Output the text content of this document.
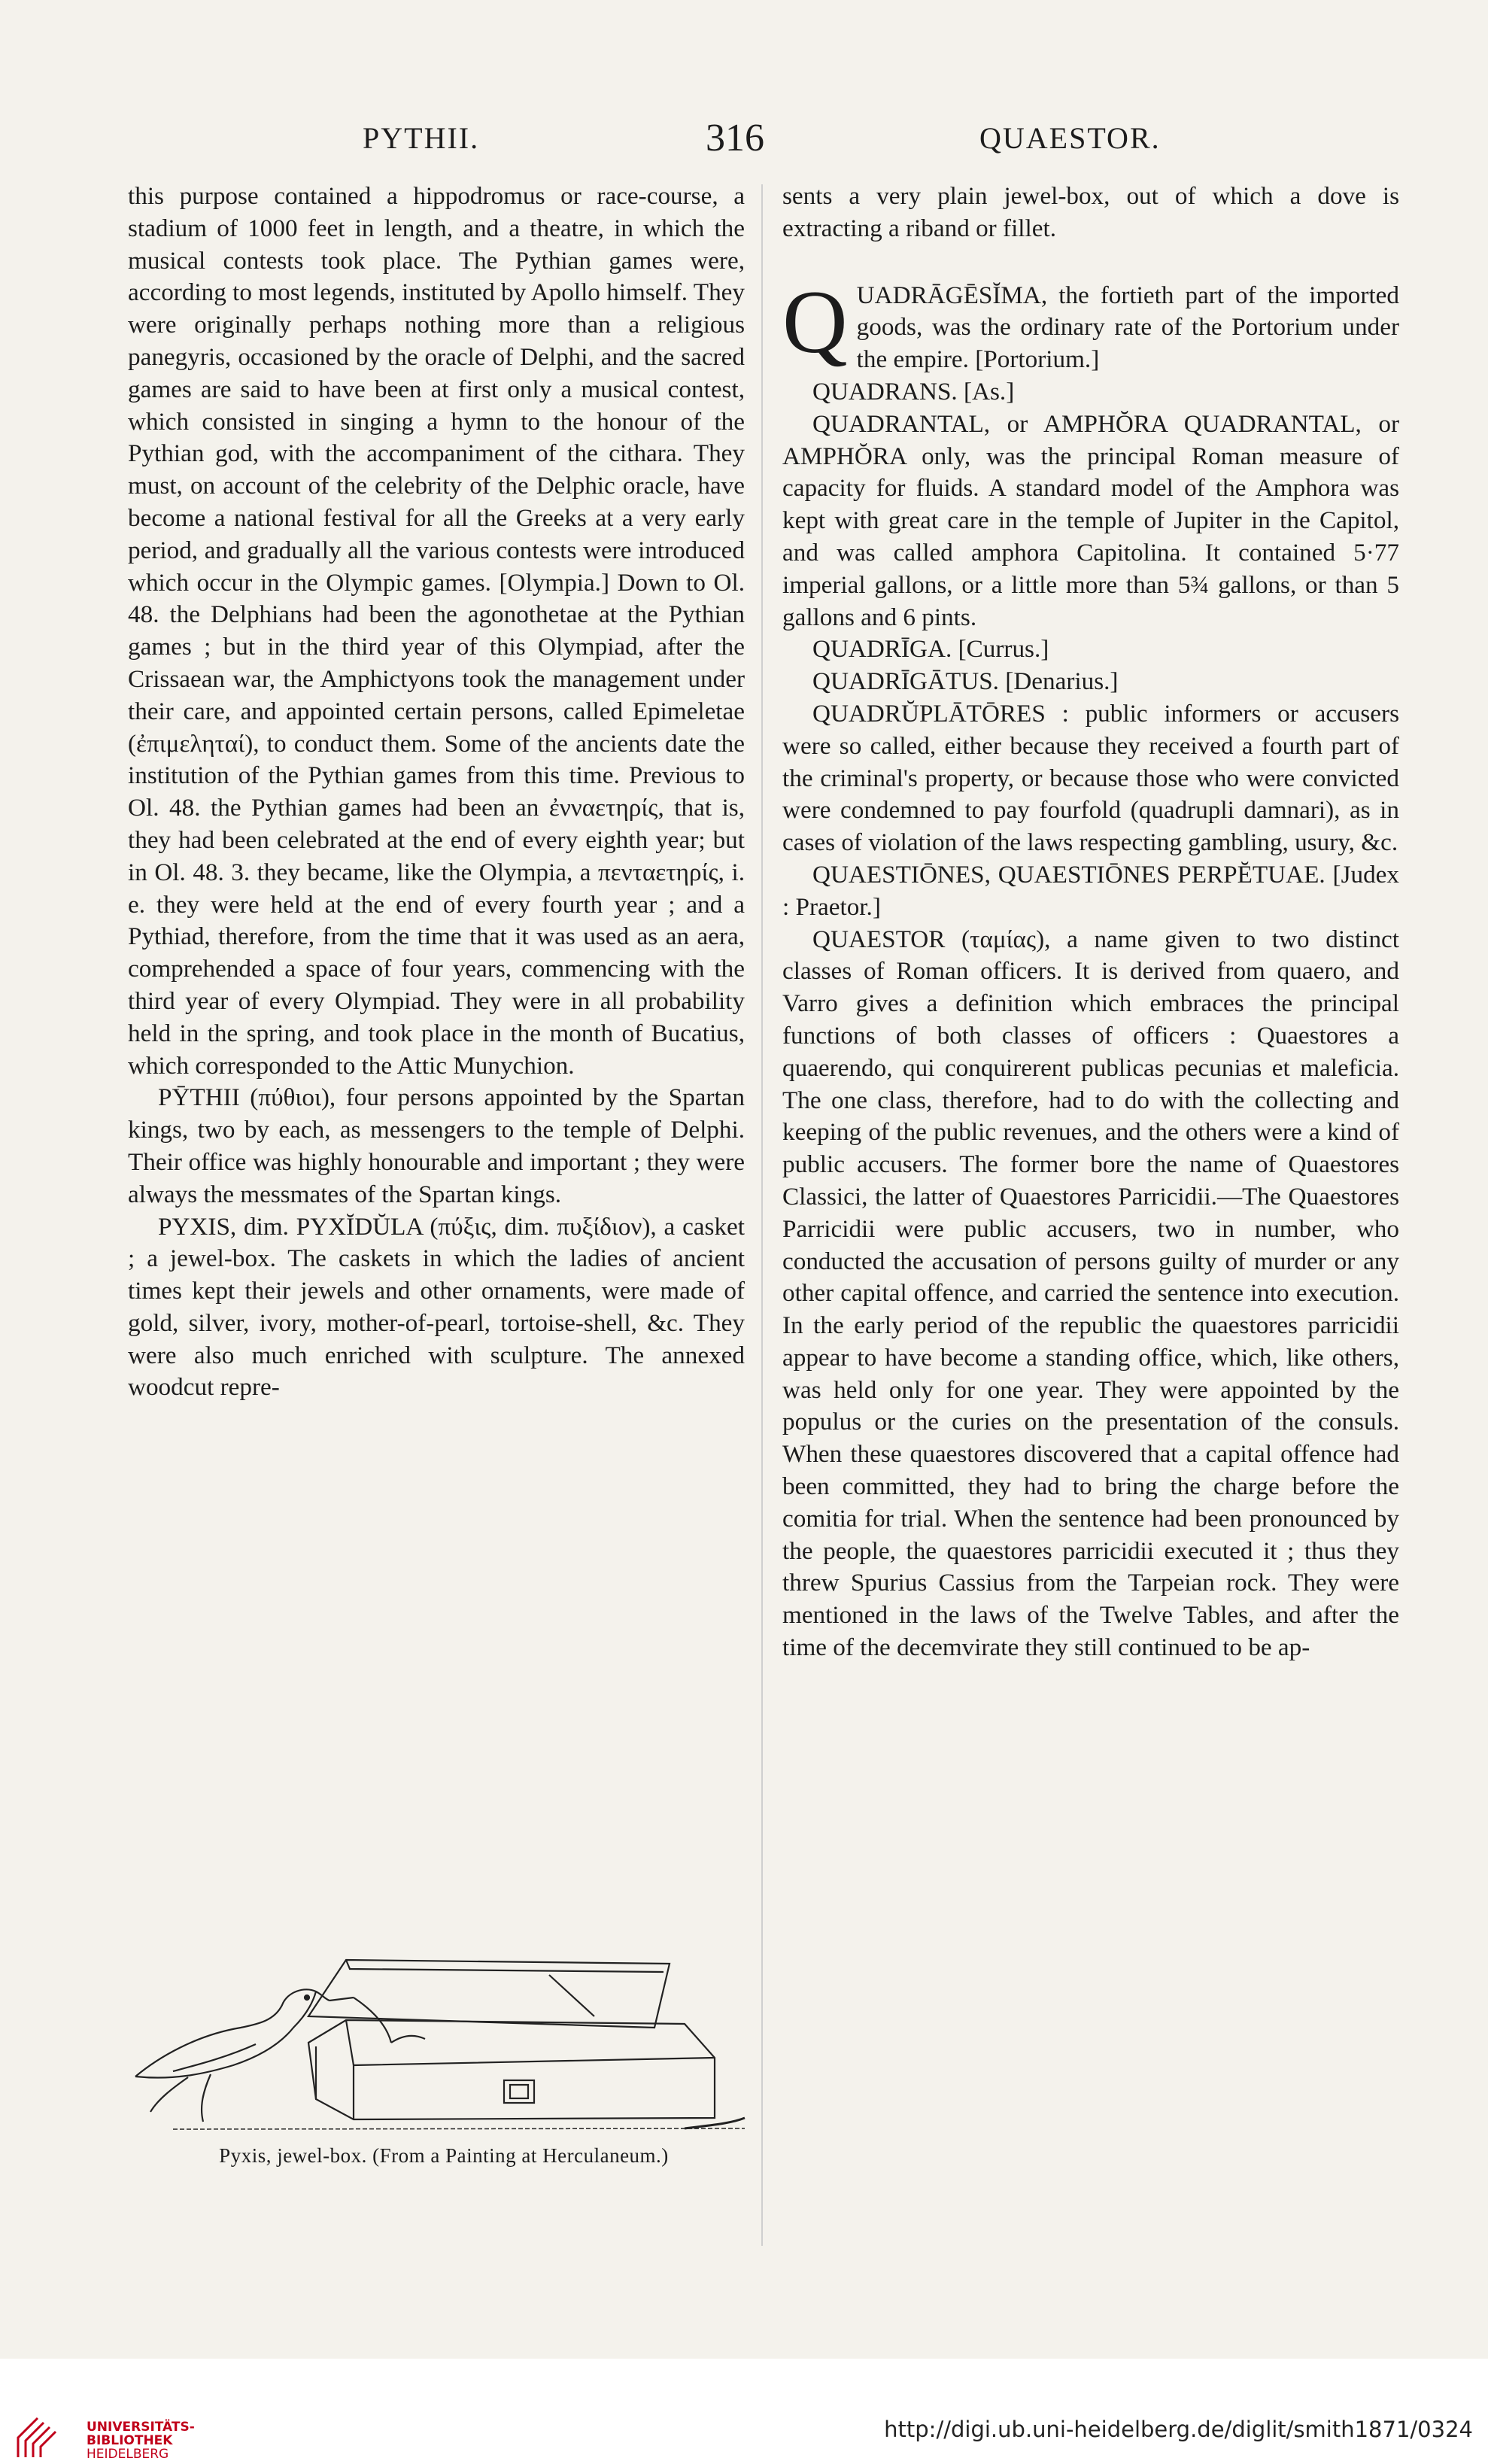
PYTHII.	316	QUAESTOR.

this purpose contained a hippodromus or race-course, a stadium of 1000 feet in length, and a theatre, in which the musical contests took place. The Pythian games were, according to most legends, instituted by Apollo himself. They were originally perhaps nothing more than a religious panegyris, occasioned by the oracle of Delphi, and the sacred games are said to have been at first only a musical contest, which consisted in singing a hymn to the honour of the Pythian god, with the accompaniment of the cithara. They must, on account of the celebrity of the Delphic oracle, have become a national festival for all the Greeks at a very early period, and gradually all the various contests were introduced which occur in the Olympic games. [Olympia.] Down to Ol. 48. the Delphians had been the agonothetae at the Pythian games ; but in the third year of this Olympiad, after the Crissaean war, the Amphictyons took the management under their care, and appointed certain persons, called Epimeletae (ἐπιμεληταί), to conduct them. Some of the ancients date the institution of the Pythian games from this time. Previous to Ol. 48. the Pythian games had been an ἐνναετηρίς, that is, they had been celebrated at the end of every eighth year; but in Ol. 48. 3. they became, like the Olympia, a πενταετηρίς, i. e. they were held at the end of every fourth year ; and a Pythiad, therefore, from the time that it was used as an aera, comprehended a space of four years, commencing with the third year of every Olympiad. They were in all probability held in the spring, and took place in the month of Bucatius, which corresponded to the Attic Munychion.

PȲTHII (πύθιοι), four persons appointed by the Spartan kings, two by each, as messengers to the temple of Delphi. Their office was highly honourable and important ; they were always the messmates of the Spartan kings.

PYXIS, dim. PYXĬDŬLA (πύξις, dim. πυξίδιον), a casket ; a jewel-box. The caskets in which the ladies of ancient times kept their jewels and other ornaments, were made of gold, silver, ivory, mother-of-pearl, tortoise-shell, &c. They were also much enriched with sculpture. The annexed woodcut repre-

Pyxis, jewel-box. (From a Painting at Herculaneum.)

sents a very plain jewel-box, out of which a dove is extracting a riband or fillet.

QUADRĀGĒSĬMA, the fortieth part of the imported goods, was the ordinary rate of the Portorium under the empire. [Portorium.]

QUADRANS. [As.]

QUADRANTAL, or AMPHŎRA QUADRANTAL, or AMPHŎRA only, was the principal Roman measure of capacity for fluids. A standard model of the Amphora was kept with great care in the temple of Jupiter in the Capitol, and was called amphora Capitolina. It contained 5·77 imperial gallons, or a little more than 5¾ gallons, or than 5 gallons and 6 pints.

QUADRĪGA. [Currus.]

QUADRĪGĀTUS. [Denarius.]

QUADRŬPLĀTŌRES : public informers or accusers were so called, either because they received a fourth part of the criminal's property, or because those who were convicted were condemned to pay fourfold (quadrupli damnari), as in cases of violation of the laws respecting gambling, usury, &c.

QUAESTIŌNES, QUAESTIŌNES PERPĔTUAE. [Judex : Praetor.]

QUAESTOR (ταμίας), a name given to two distinct classes of Roman officers. It is derived from quaero, and Varro gives a definition which embraces the principal functions of both classes of officers : Quaestores a quaerendo, qui conquirerent publicas pecunias et maleficia. The one class, therefore, had to do with the collecting and keeping of the public revenues, and the others were a kind of public accusers. The former bore the name of Quaestores Classici, the latter of Quaestores Parricidii.—The Quaestores Parricidii were public accusers, two in number, who conducted the accusation of persons guilty of murder or any other capital offence, and carried the sentence into execution. In the early period of the republic the quaestores parricidii appear to have become a standing office, which, like others, was held only for one year. They were appointed by the populus or the curies on the presentation of the consuls. When these quaestores discovered that a capital offence had been committed, they had to bring the charge before the comitia for trial. When the sentence had been pronounced by the people, the quaestores parricidii executed it ; thus they threw Spurius Cassius from the Tarpeian rock. They were mentioned in the laws of the Twelve Tables, and after the time of the decemvirate they still continued to be ap-

UNIVERSITÄTS-
BIBLIOTHEK
HEIDELBERG
http://digi.ub.uni-heidelberg.de/diglit/smith1871/0324
